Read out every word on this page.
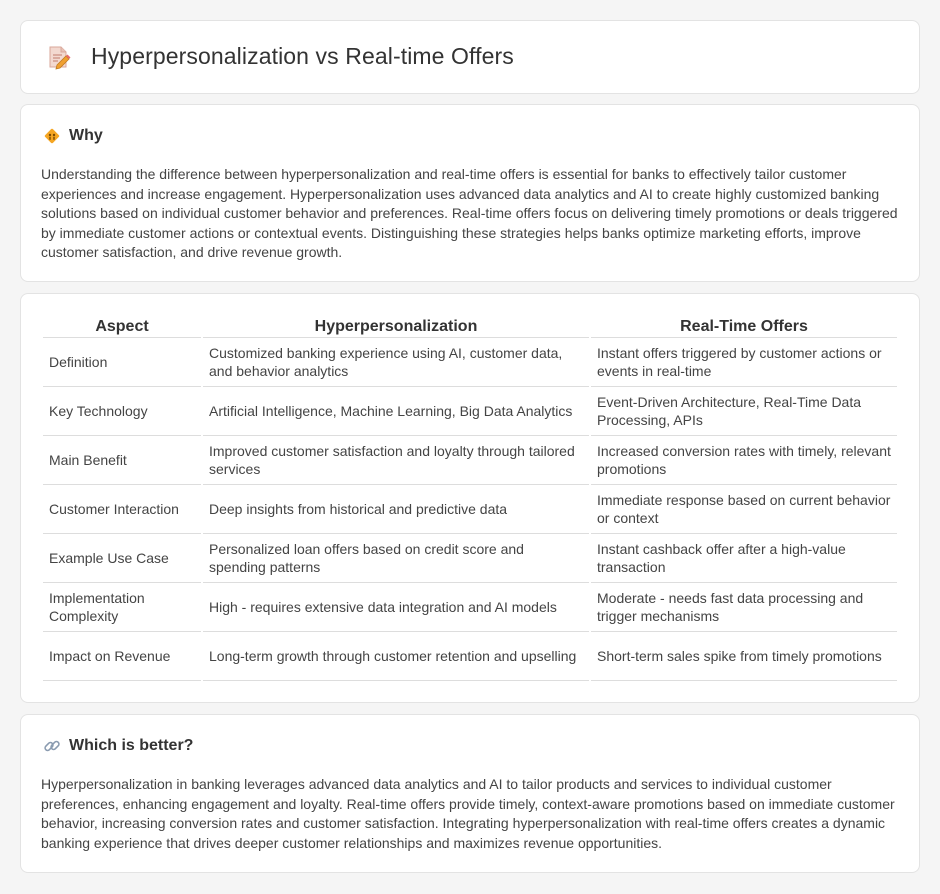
Hyperpersonalization vs Real-time Offers
Why

Understanding the difference between hyperpersonalization and real-time offers is essential for banks to effectively tailor customer experiences and increase engagement. Hyperpersonalization uses advanced data analytics and AI to create highly customized banking solutions based on individual customer behavior and preferences. Real-time offers focus on delivering timely promotions or deals triggered by immediate customer actions or contextual events. Distinguishing these strategies helps banks optimize marketing efforts, improve customer satisfaction, and drive revenue growth.

Aspect	Hyperpersonalization	Real-Time Offers
Definition	Customized banking experience using AI, customer data, and behavior analytics	Instant offers triggered by customer actions or events in real-time
Key Technology	Artificial Intelligence, Machine Learning, Big Data Analytics	Event-Driven Architecture, Real-Time Data Processing, APIs
Main Benefit	Improved customer satisfaction and loyalty through tailored services	Increased conversion rates with timely, relevant promotions
Customer Interaction	Deep insights from historical and predictive data	Immediate response based on current behavior or context
Example Use Case	Personalized loan offers based on credit score and spending patterns	Instant cashback offer after a high-value transaction
Implementation Complexity	High - requires extensive data integration and AI models	Moderate - needs fast data processing and trigger mechanisms
Impact on Revenue	Long-term growth through customer retention and upselling	Short-term sales spike from timely promotions
Which is better?

Hyperpersonalization in banking leverages advanced data analytics and AI to tailor products and services to individual customer preferences, enhancing engagement and loyalty. Real-time offers provide timely, context-aware promotions based on immediate customer behavior, increasing conversion rates and customer satisfaction. Integrating hyperpersonalization with real-time offers creates a dynamic banking experience that drives deeper customer relationships and maximizes revenue opportunities.
